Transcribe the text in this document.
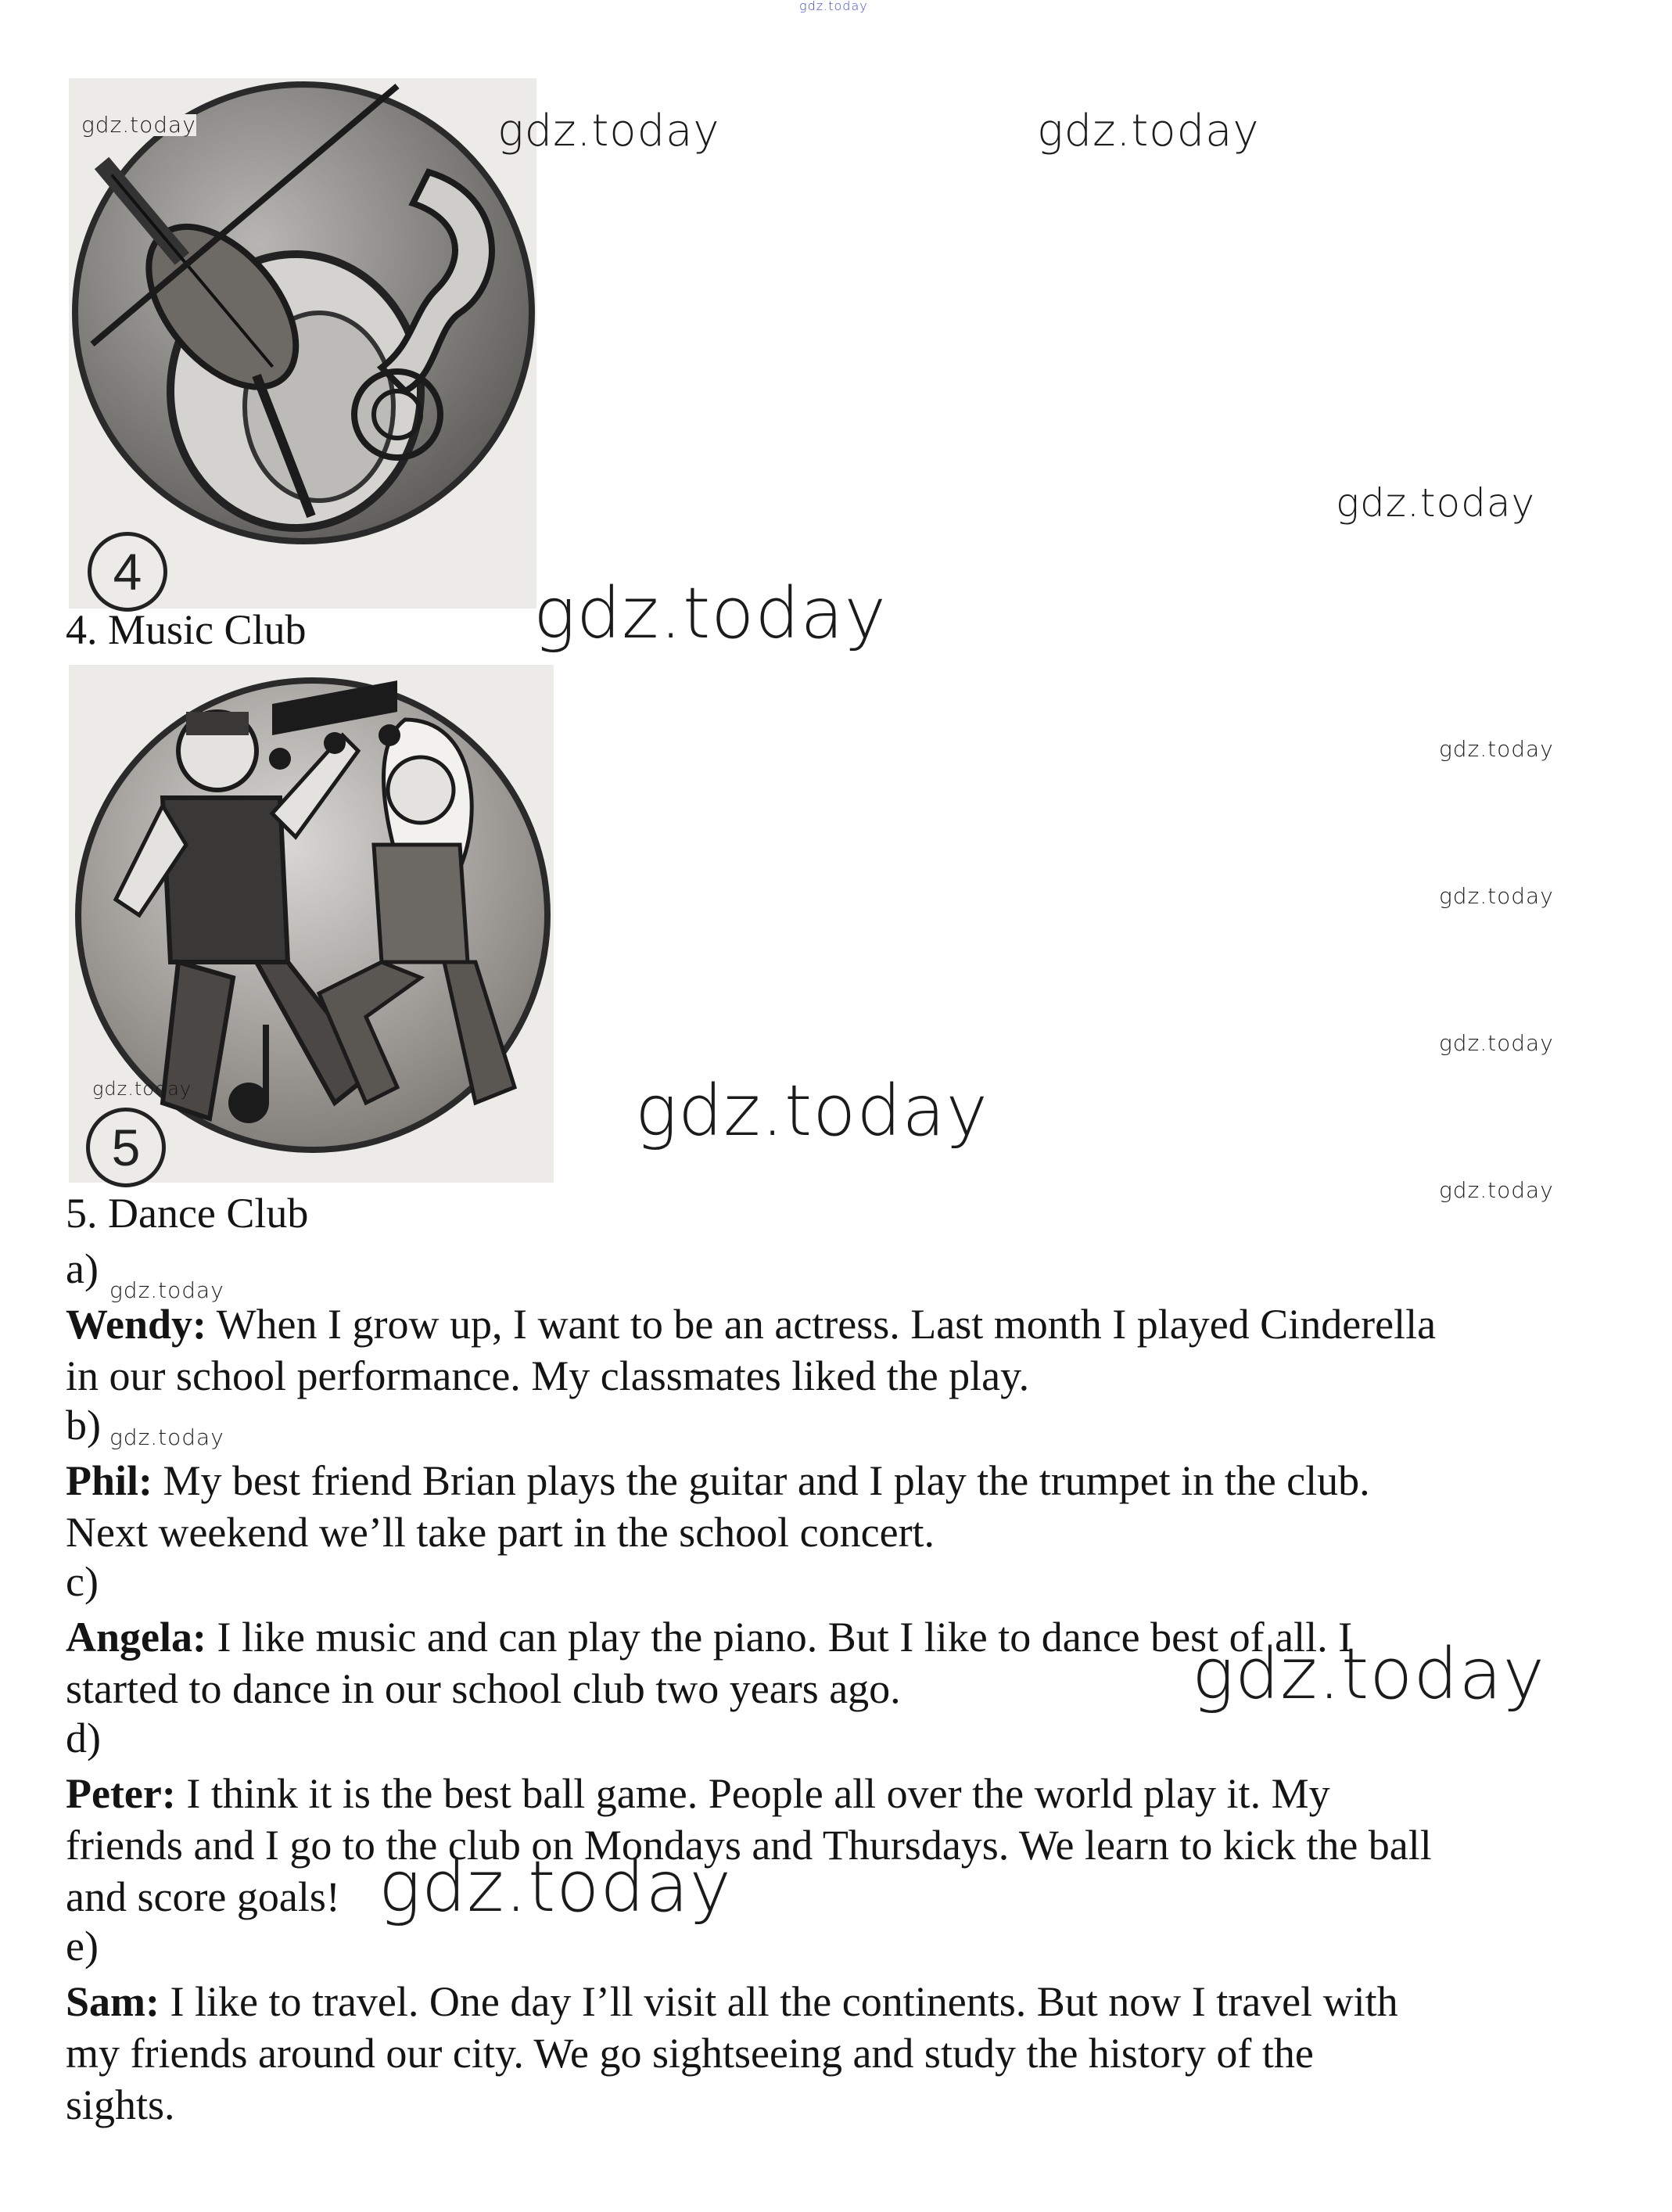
gdz.today
4
gdz.today	gdz.today	gdz.today
gdz.today
4. Music Club	gdz.today
5
gdz.today
gdz.today
gdz.today
gdz.today
gdz.today	gdz.today
5. Dance Club
a) gdz.today
Wendy: When I grow up, I want to be an actress. Last month I played Cinderella
in our school performance. My classmates liked the play.
b) gdz.today
Phil: My best friend Brian plays the guitar and I play the trumpet in the club.
Next weekend we’ll take part in the school concert.
c)
Angela: I like music and can play the piano. But I like to dance best of all. I
started to dance in our school club two years ago.	gdz.today
d)
Peter: I think it is the best ball game. People all over the world play it. My
friends and I go to the club on Mondays and Thursdays. We learn to kick the ball
and score goals! gdz.today
e)
Sam: I like to travel. One day I’ll visit all the continents. But now I travel with
my friends around our city. We go sightseeing and study the history of the
sights.
